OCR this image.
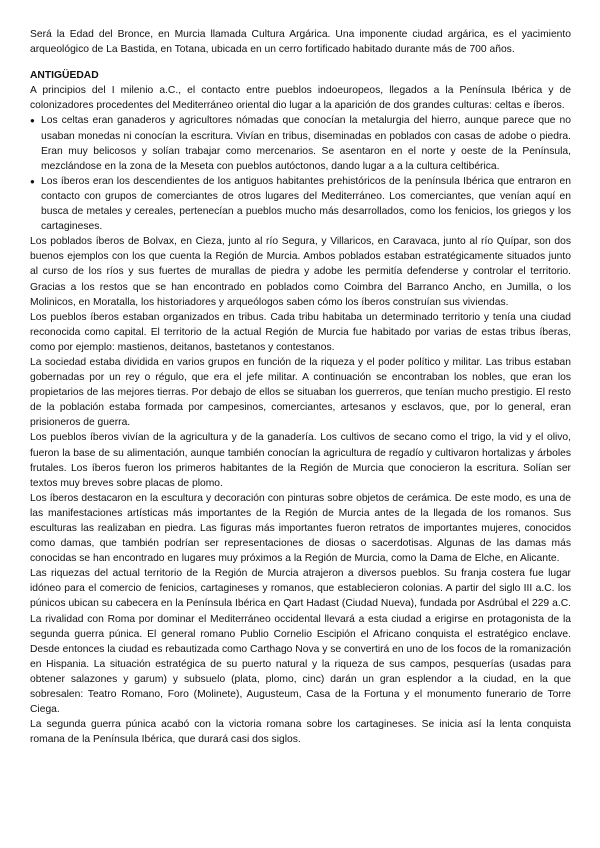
Será la Edad del Bronce, en Murcia llamada Cultura Argárica. Una imponente ciudad argárica, es el yacimiento arqueológico de La Bastida, en Totana, ubicada en un cerro fortificado habitado durante más de 700 años.

ANTIGÜEDAD

A principios del I milenio a.C., el contacto entre pueblos indoeuropeos, llegados a la Península Ibérica y de colonizadores procedentes del Mediterráneo oriental dio lugar a la aparición de dos grandes culturas: celtas e íberos.

● Los celtas eran ganaderos y agricultores nómadas que conocían la metalurgia del hierro, aunque parece que no usaban monedas ni conocían la escritura. Vivían en tribus, diseminadas en poblados con casas de adobe o piedra. Eran muy belicosos y solían trabajar como mercenarios. Se asentaron en el norte y oeste de la Península, mezclándose en la zona de la Meseta con pueblos autóctonos, dando lugar a a la cultura celtibérica.
● Los íberos eran los descendientes de los antiguos habitantes prehistóricos de la península Ibérica que entraron en contacto con grupos de comerciantes de otros lugares del Mediterráneo. Los comerciantes, que venían aquí en busca de metales y cereales, pertenecían a pueblos mucho más desarrollados, como los fenicios, los griegos y los cartagineses.

Los poblados íberos de Bolvax, en Cieza, junto al río Segura, y Villaricos, en Caravaca, junto al río Quípar, son dos buenos ejemplos con los que cuenta la Región de Murcia. Ambos poblados estaban estratégicamente situados junto al curso de los ríos y sus fuertes de murallas de piedra y adobe les permitía defenderse y controlar el territorio. Gracias a los restos que se han encontrado en poblados como Coimbra del Barranco Ancho, en Jumilla, o los Molinicos, en Moratalla, los historiadores y arqueólogos saben cómo los íberos construían sus viviendas.

Los pueblos íberos estaban organizados en tribus. Cada tribu habitaba un determinado territorio y tenía una ciudad reconocida como capital. El territorio de la actual Región de Murcia fue habitado por varias de estas tribus íberas, como por ejemplo: mastienos, deitanos, bastetanos y contestanos.

La sociedad estaba dividida en varios grupos en función de la riqueza y el poder político y militar. Las tribus estaban gobernadas por un rey o régulo, que era el jefe militar. A continuación se encontraban los nobles, que eran los propietarios de las mejores tierras. Por debajo de ellos se situaban los guerreros, que tenían mucho prestigio. El resto de la población estaba formada por campesinos, comerciantes, artesanos y esclavos, que, por lo general, eran prisioneros de guerra.

Los pueblos íberos vivían de la agricultura y de la ganadería. Los cultivos de secano como el trigo, la vid y el olivo, fueron la base de su alimentación, aunque también conocían la agricultura de regadío y cultivaron hortalizas y árboles frutales. Los íberos fueron los primeros habitantes de la Región de Murcia que conocieron la escritura. Solían ser textos muy breves sobre placas de plomo.

Los íberos destacaron en la escultura y decoración con pinturas sobre objetos de cerámica. De este modo, es una de las manifestaciones artísticas más importantes de la Región de Murcia antes de la llegada de los romanos. Sus esculturas las realizaban en piedra. Las figuras más importantes fueron retratos de importantes mujeres, conocidos como damas, que también podrían ser representaciones de diosas o sacerdotisas. Algunas de las damas más conocidas se han encontrado en lugares muy próximos a la Región de Murcia, como la Dama de Elche, en Alicante.

Las riquezas del actual territorio de la Región de Murcia atrajeron a diversos pueblos. Su franja costera fue lugar idóneo para el comercio de fenicios, cartagineses y romanos, que establecieron colonias. A partir del siglo III a.C. los púnicos ubican su cabecera en la Península Ibérica en Qart Hadast (Ciudad Nueva), fundada por Asdrúbal el 229 a.C. La rivalidad con Roma por dominar el Mediterráneo occidental llevará a esta ciudad a erigirse en protagonista de la segunda guerra púnica. El general romano Publio Cornelio Escipión el Africano conquista el estratégico enclave. Desde entonces la ciudad es rebautizada como Carthago Nova y se convertirá en uno de los focos de la romanización en Hispania. La situación estratégica de su puerto natural y la riqueza de sus campos, pesquerías (usadas para obtener salazones y garum) y subsuelo (plata, plomo, cinc) darán un gran esplendor a la ciudad, en la que sobresalen: Teatro Romano, Foro (Molinete), Augusteum, Casa de la Fortuna y el monumento funerario de Torre Ciega.

La segunda guerra púnica acabó con la victoria romana sobre los cartagineses. Se inicia así la lenta conquista romana de la Península Ibérica, que durará casi dos siglos.
